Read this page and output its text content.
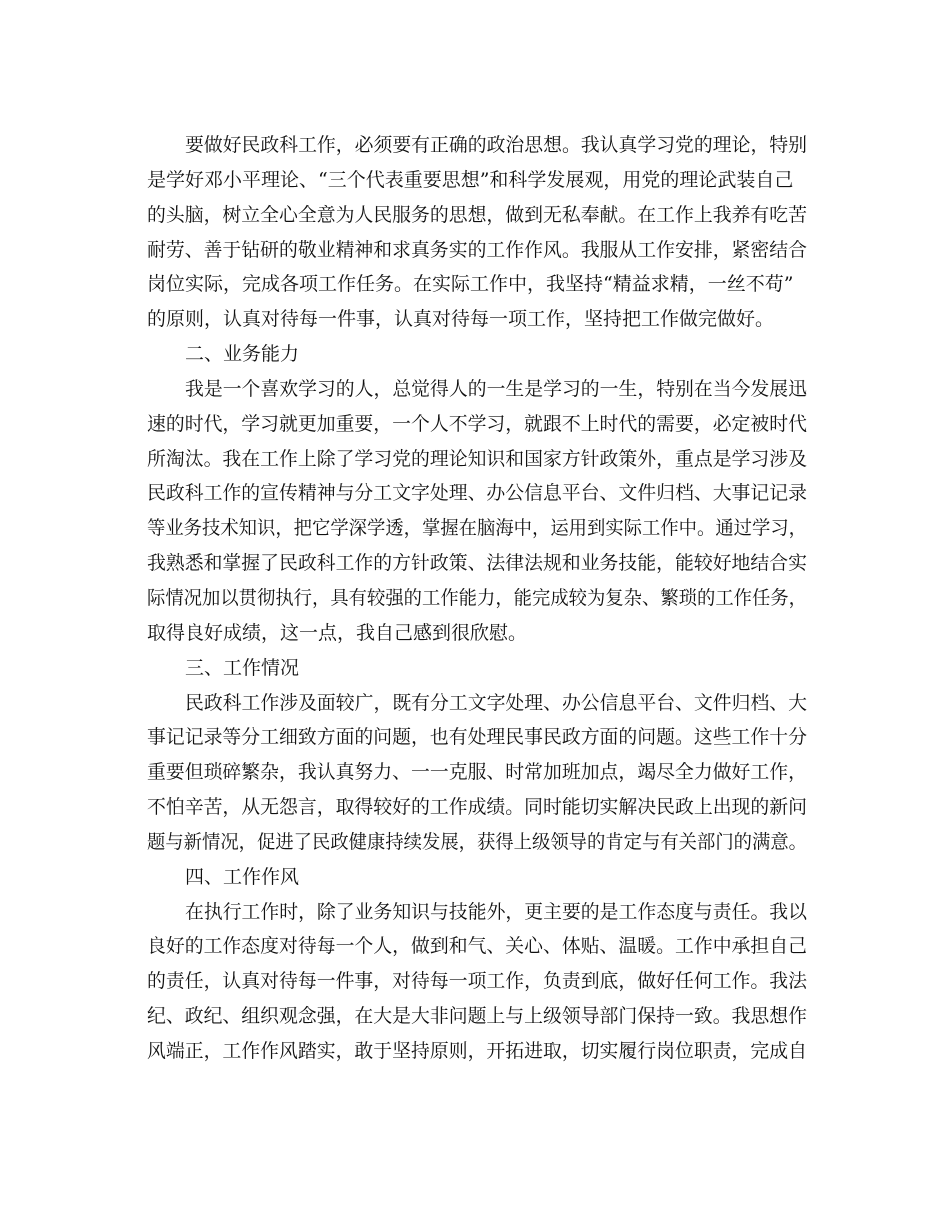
要做好民政科工作，必须要有正确的政治思想。我认真学习党的理论，特别
是学好邓小平理论、“三个代表重要思想”和科学发展观，用党的理论武装自己
的头脑，树立全心全意为人民服务的思想，做到无私奉献。在工作上我养有吃苦
耐劳、善于钻研的敬业精神和求真务实的工作作风。我服从工作安排，紧密结合
岗位实际，完成各项工作任务。在实际工作中，我坚持“精益求精，一丝不苟”
的原则，认真对待每一件事，认真对待每一项工作，坚持把工作做完做好。
二、业务能力
我是一个喜欢学习的人，总觉得人的一生是学习的一生，特别在当今发展迅
速的时代，学习就更加重要，一个人不学习，就跟不上时代的需要，必定被时代
所淘汰。我在工作上除了学习党的理论知识和国家方针政策外，重点是学习涉及
民政科工作的宣传精神与分工文字处理、办公信息平台、文件归档、大事记记录
等业务技术知识，把它学深学透，掌握在脑海中，运用到实际工作中。通过学习，
我熟悉和掌握了民政科工作的方针政策、法律法规和业务技能，能较好地结合实
际情况加以贯彻执行，具有较强的工作能力，能完成较为复杂、繁琐的工作任务，
取得良好成绩，这一点，我自己感到很欣慰。
三、工作情况
民政科工作涉及面较广，既有分工文字处理、办公信息平台、文件归档、大
事记记录等分工细致方面的问题，也有处理民事民政方面的问题。这些工作十分
重要但琐碎繁杂，我认真努力、一一克服、时常加班加点，竭尽全力做好工作，
不怕辛苦，从无怨言，取得较好的工作成绩。同时能切实解决民政上出现的新问
题与新情况，促进了民政健康持续发展，获得上级领导的肯定与有关部门的满意。
四、工作作风
在执行工作时，除了业务知识与技能外，更主要的是工作态度与责任。我以
良好的工作态度对待每一个人，做到和气、关心、体贴、温暖。工作中承担自己
的责任，认真对待每一件事，对待每一项工作，负责到底，做好任何工作。我法
纪、政纪、组织观念强，在大是大非问题上与上级领导部门保持一致。我思想作
风端正，工作作风踏实，敢于坚持原则，开拓进取，切实履行岗位职责，完成自
